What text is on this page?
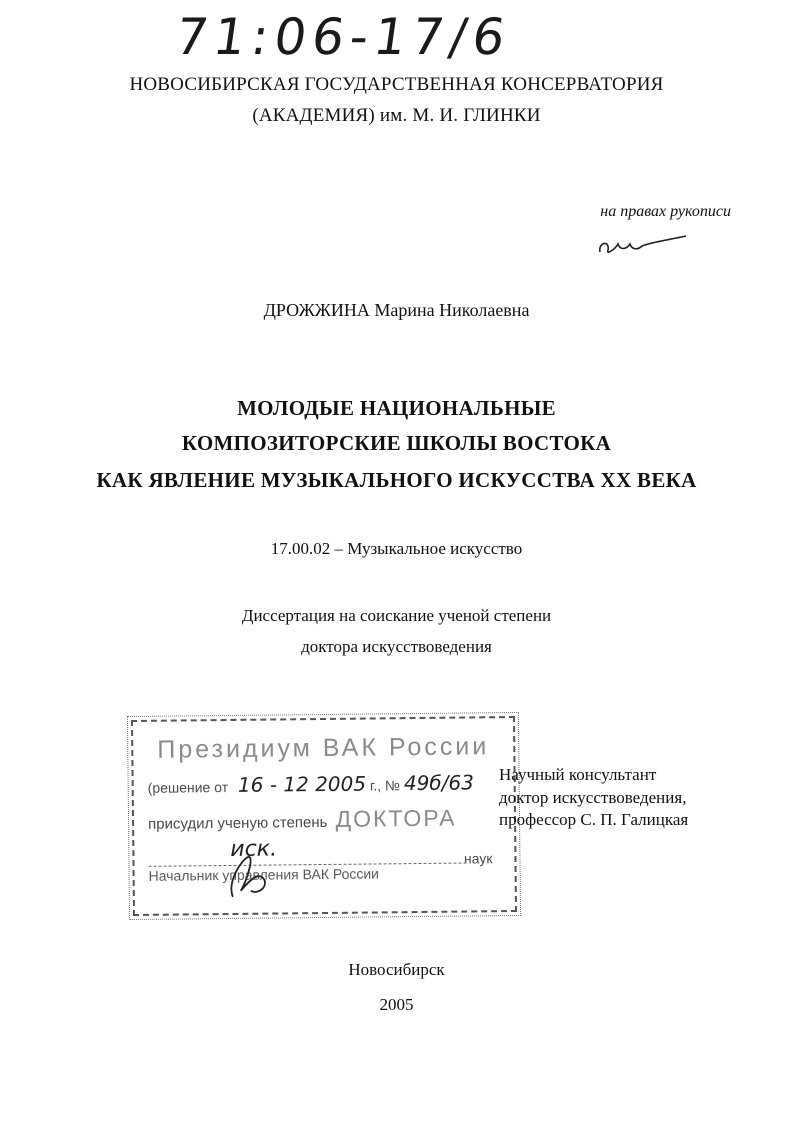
71:06-17/6
НОВОСИБИРСКАЯ ГОСУДАРСТВЕННАЯ КОНСЕРВАТОРИЯ
(АКАДЕМИЯ) им. М. И. ГЛИНКИ
на правах рукописи
ДРОЖЖИНА Марина Николаевна
МОЛОДЫЕ НАЦИОНАЛЬНЫЕ
КОМПОЗИТОРСКИЕ ШКОЛЫ ВОСТОКА
КАК ЯВЛЕНИЕ МУЗЫКАЛЬНОГО ИСКУССТВА XX ВЕКА
17.00.02 – Музыкальное искусство
Диссертация на соискание ученой степени
доктора искусствоведения
Президиум ВАК России
(решение от 16 - 12 2005 г., № 49б/63
присудил ученую степень ДОКТОРА
иск.	наук
Начальник управления ВАК России
Научный консультант
доктор искусствоведения,
профессор С. П. Галицкая
Новосибирск
2005
